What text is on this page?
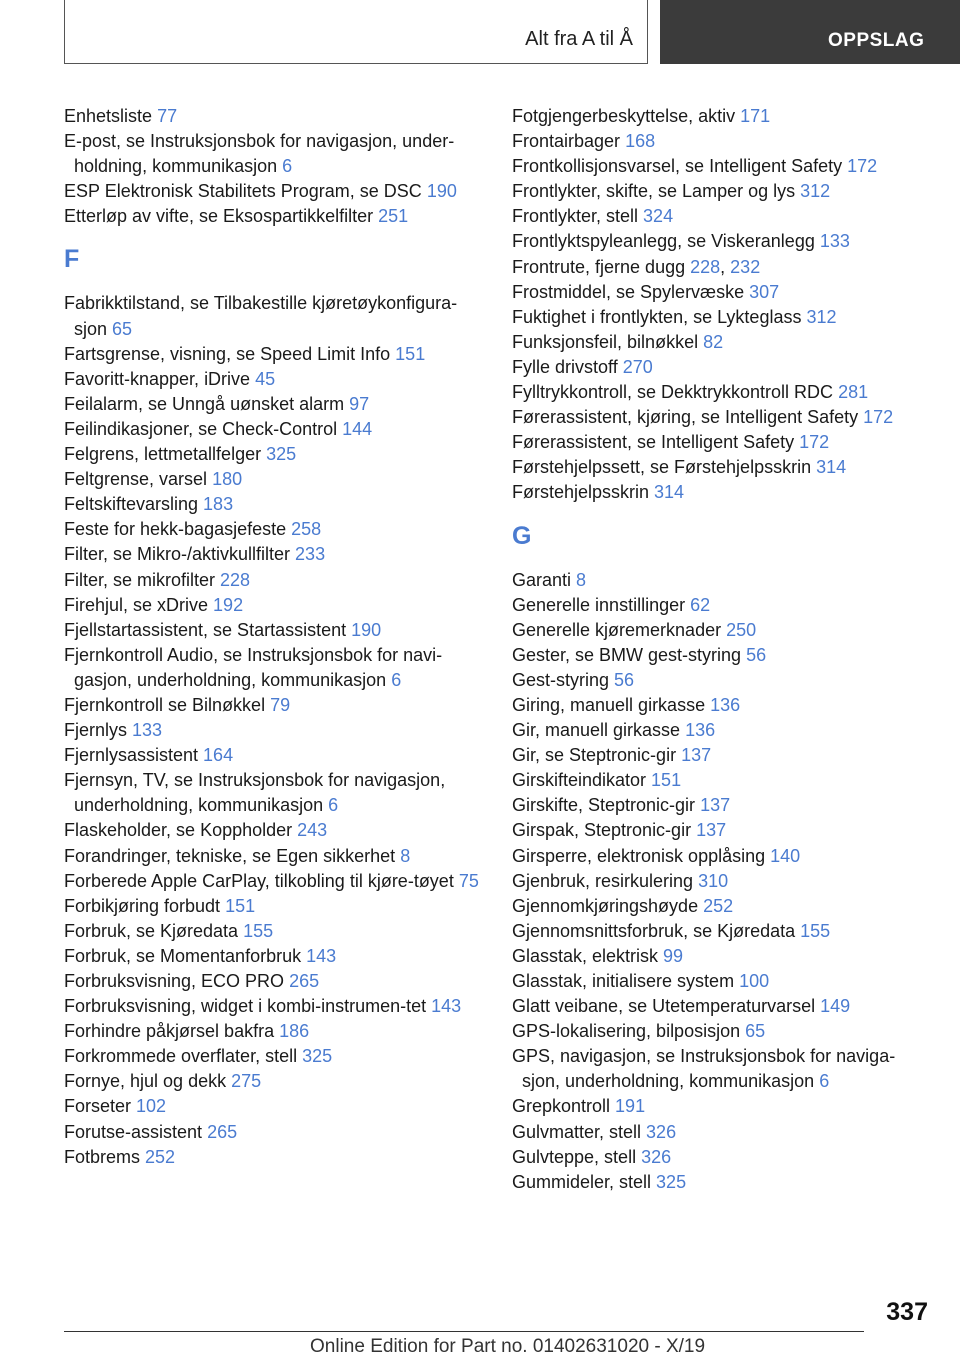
Alt fra A til Å	OPPSLAG
Enhetsliste 77
E-post, se Instruksjonsbok for navigasjon, under-holdning, kommunikasjon 6
ESP Elektronisk Stabilitets Program, se DSC 190
Etterløp av vifte, se Eksospartikkelfilter 251
F
Fabrikktilstand, se Tilbakestille kjøretøykonfigura-sjon 65
Fartsgrense, visning, se Speed Limit Info 151
Favoritt-knapper, iDrive 45
Feilalarm, se Unngå uønsket alarm 97
Feilindikasjoner, se Check-Control 144
Felgrens, lettmetallfelger 325
Feltgrense, varsel 180
Feltskiftevarsling 183
Feste for hekk-bagasjefeste 258
Filter, se Mikro-/aktivkullfilter 233
Filter, se mikrofilter 228
Firehjul, se xDrive 192
Fjellstartassistent, se Startassistent 190
Fjernkontroll Audio, se Instruksjonsbok for navi-gasjon, underholdning, kommunikasjon 6
Fjernkontroll se Bilnøkkel 79
Fjernlys 133
Fjernlysassistent 164
Fjernsyn, TV, se Instruksjonsbok for navigasjon, underholdning, kommunikasjon 6
Flaskeholder, se Koppholder 243
Forandringer, tekniske, se Egen sikkerhet 8
Forberede Apple CarPlay, tilkobling til kjøre-tøyet 75
Forbikjøring forbudt 151
Forbruk, se Kjøredata 155
Forbruk, se Momentanforbruk 143
Forbruksvisning, ECO PRO 265
Forbruksvisning, widget i kombi-instrumen-tet 143
Forhindre påkjørsel bakfra 186
Forkrommede overflater, stell 325
Fornye, hjul og dekk 275
Forseter 102
Forutse-assistent 265
Fotbrems 252
Fotgjengerbeskyttelse, aktiv 171
Frontairbager 168
Frontkollisjonsvarsel, se Intelligent Safety 172
Frontlykter, skifte, se Lamper og lys 312
Frontlykter, stell 324
Frontlyktspyleanlegg, se Viskeranlegg 133
Frontrute, fjerne dugg 228, 232
Frostmiddel, se Spylervæske 307
Fuktighet i frontlykten, se Lykteglass 312
Funksjonsfeil, bilnøkkel 82
Fylle drivstoff 270
Fylltrykkontroll, se Dekktrykkontroll RDC 281
Førerassistent, kjøring, se Intelligent Safety 172
Førerassistent, se Intelligent Safety 172
Førstehjelpssett, se Førstehjelpsskrin 314
Førstehjelpsskrin 314
G
Garanti 8
Generelle innstillinger 62
Generelle kjøremerknader 250
Gester, se BMW gest-styring 56
Gest-styring 56
Giring, manuell girkasse 136
Gir, manuell girkasse 136
Gir, se Steptronic-gir 137
Girskifteindikator 151
Girskifte, Steptronic-gir 137
Girspak, Steptronic-gir 137
Girsperre, elektronisk opplåsing 140
Gjenbruk, resirkulering 310
Gjennomkjøringshøyde 252
Gjennomsnittsforbruk, se Kjøredata 155
Glasstak, elektrisk 99
Glasstak, initialisere system 100
Glatt veibane, se Utetemperaturvarsel 149
GPS-lokalisering, bilposisjon 65
GPS, navigasjon, se Instruksjonsbok for naviga-sjon, underholdning, kommunikasjon 6
Grepkontroll 191
Gulvmatter, stell 326
Gulvteppe, stell 326
Gummideler, stell 325
337
Online Edition for Part no. 01402631020 - X/19
